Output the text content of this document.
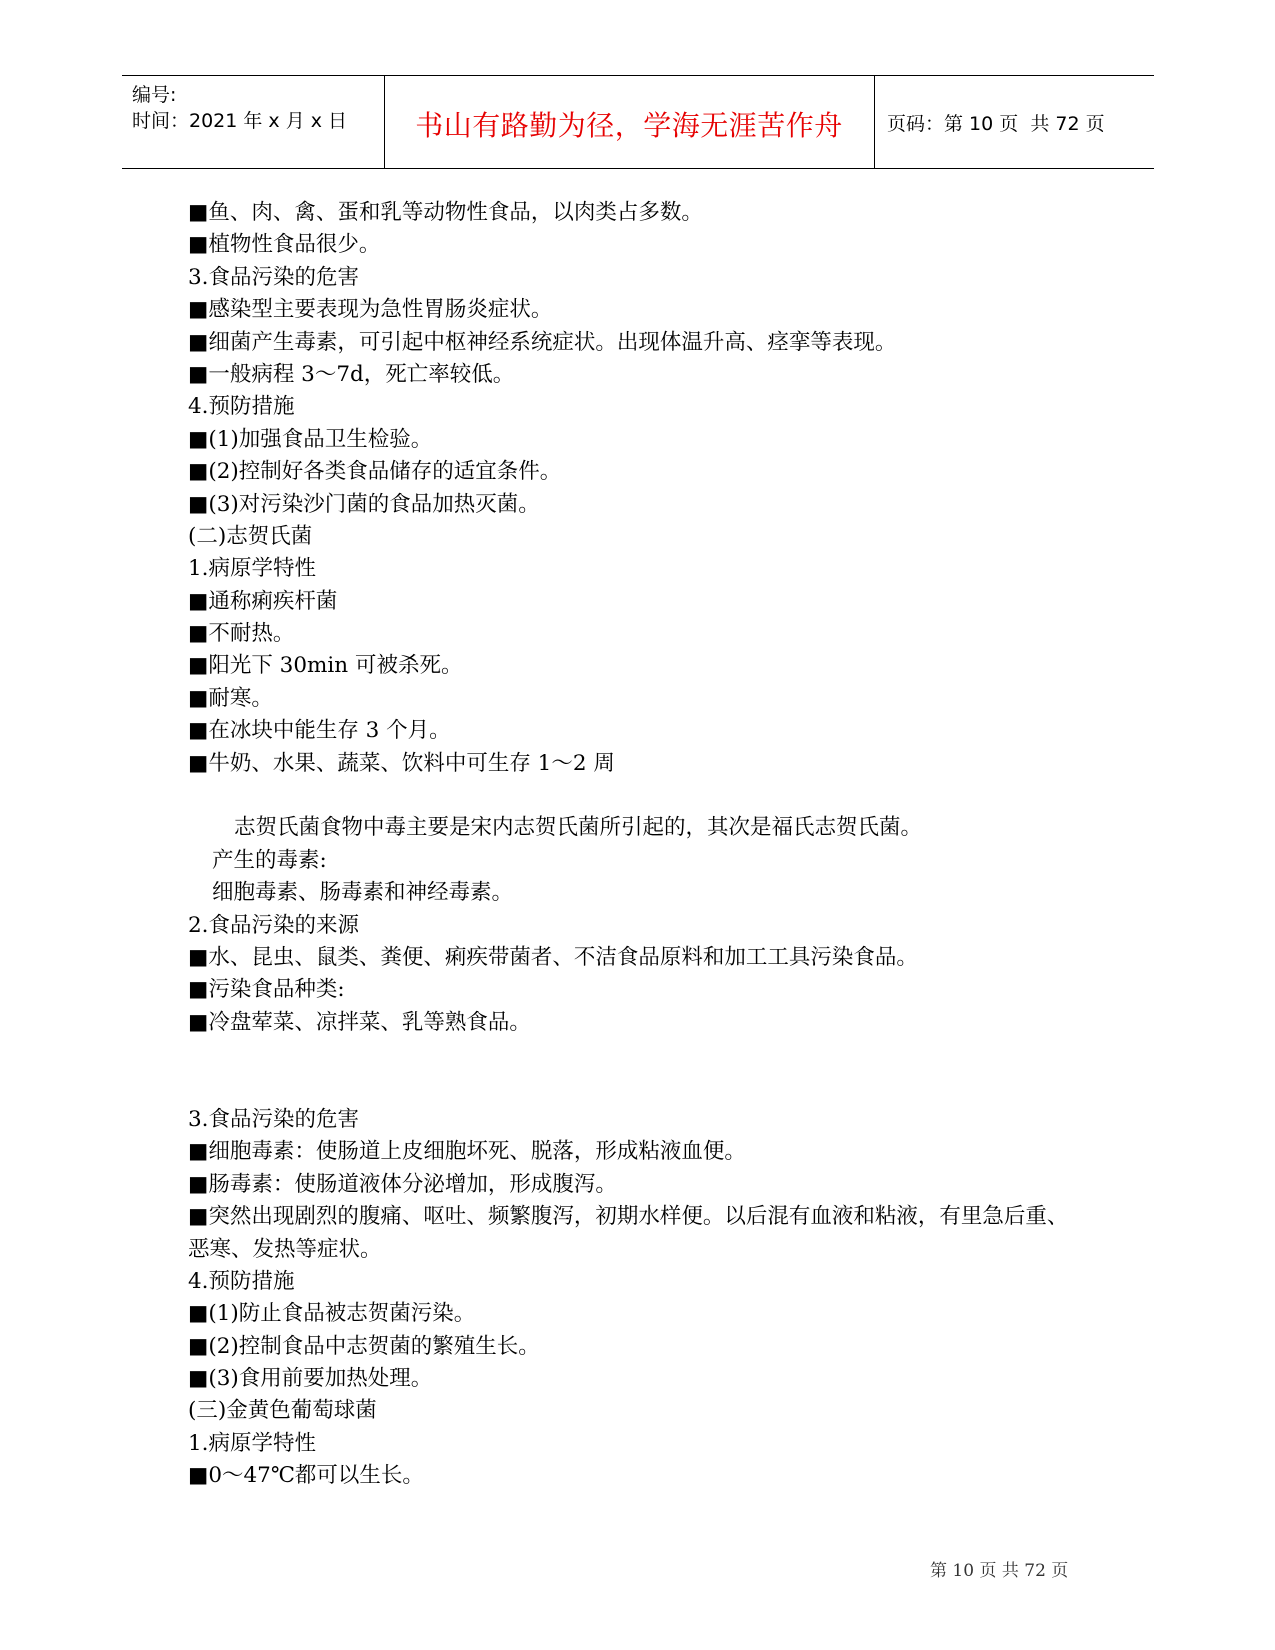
编号:
时间：2021 年 x 月 x 日	书山有路勤为径，学海无涯苦作舟	页码：第 10 页  共 72 页
■鱼、肉、禽、蛋和乳等动物性食品，以肉类占多数。
■植物性食品很少。
3.食品污染的危害
■感染型主要表现为急性胃肠炎症状。
■细菌产生毒素，可引起中枢神经系统症状。出现体温升高、痉挛等表现。
■一般病程 3～7d，死亡率较低。
4.预防措施
■(1)加强食品卫生检验。
■(2)控制好各类食品储存的适宜条件。
■(3)对污染沙门菌的食品加热灭菌。
(二)志贺氏菌
1.病原学特性
■通称痢疾杆菌
■不耐热。
■阳光下 30min 可被杀死。
■耐寒。
■在冰块中能生存 3 个月。
■牛奶、水果、蔬菜、饮料中可生存 1～2 周
志贺氏菌食物中毒主要是宋内志贺氏菌所引起的，其次是福氏志贺氏菌。
产生的毒素:
细胞毒素、肠毒素和神经毒素。
2.食品污染的来源
■水、昆虫、鼠类、粪便、痢疾带菌者、不洁食品原料和加工工具污染食品。
■污染食品种类:
■冷盘荤菜、凉拌菜、乳等熟食品。
3.食品污染的危害
■细胞毒素：使肠道上皮细胞坏死、脱落，形成粘液血便。
■肠毒素：使肠道液体分泌增加，形成腹泻。
■突然出现剧烈的腹痛、呕吐、频繁腹泻，初期水样便。以后混有血液和粘液，有里急后重、恶寒、发热等症状。
4.预防措施
■(1)防止食品被志贺菌污染。
■(2)控制食品中志贺菌的繁殖生长。
■(3)食用前要加热处理。
(三)金黄色葡萄球菌
1.病原学特性
■0～47℃都可以生长。
第 10 页 共 72 页
